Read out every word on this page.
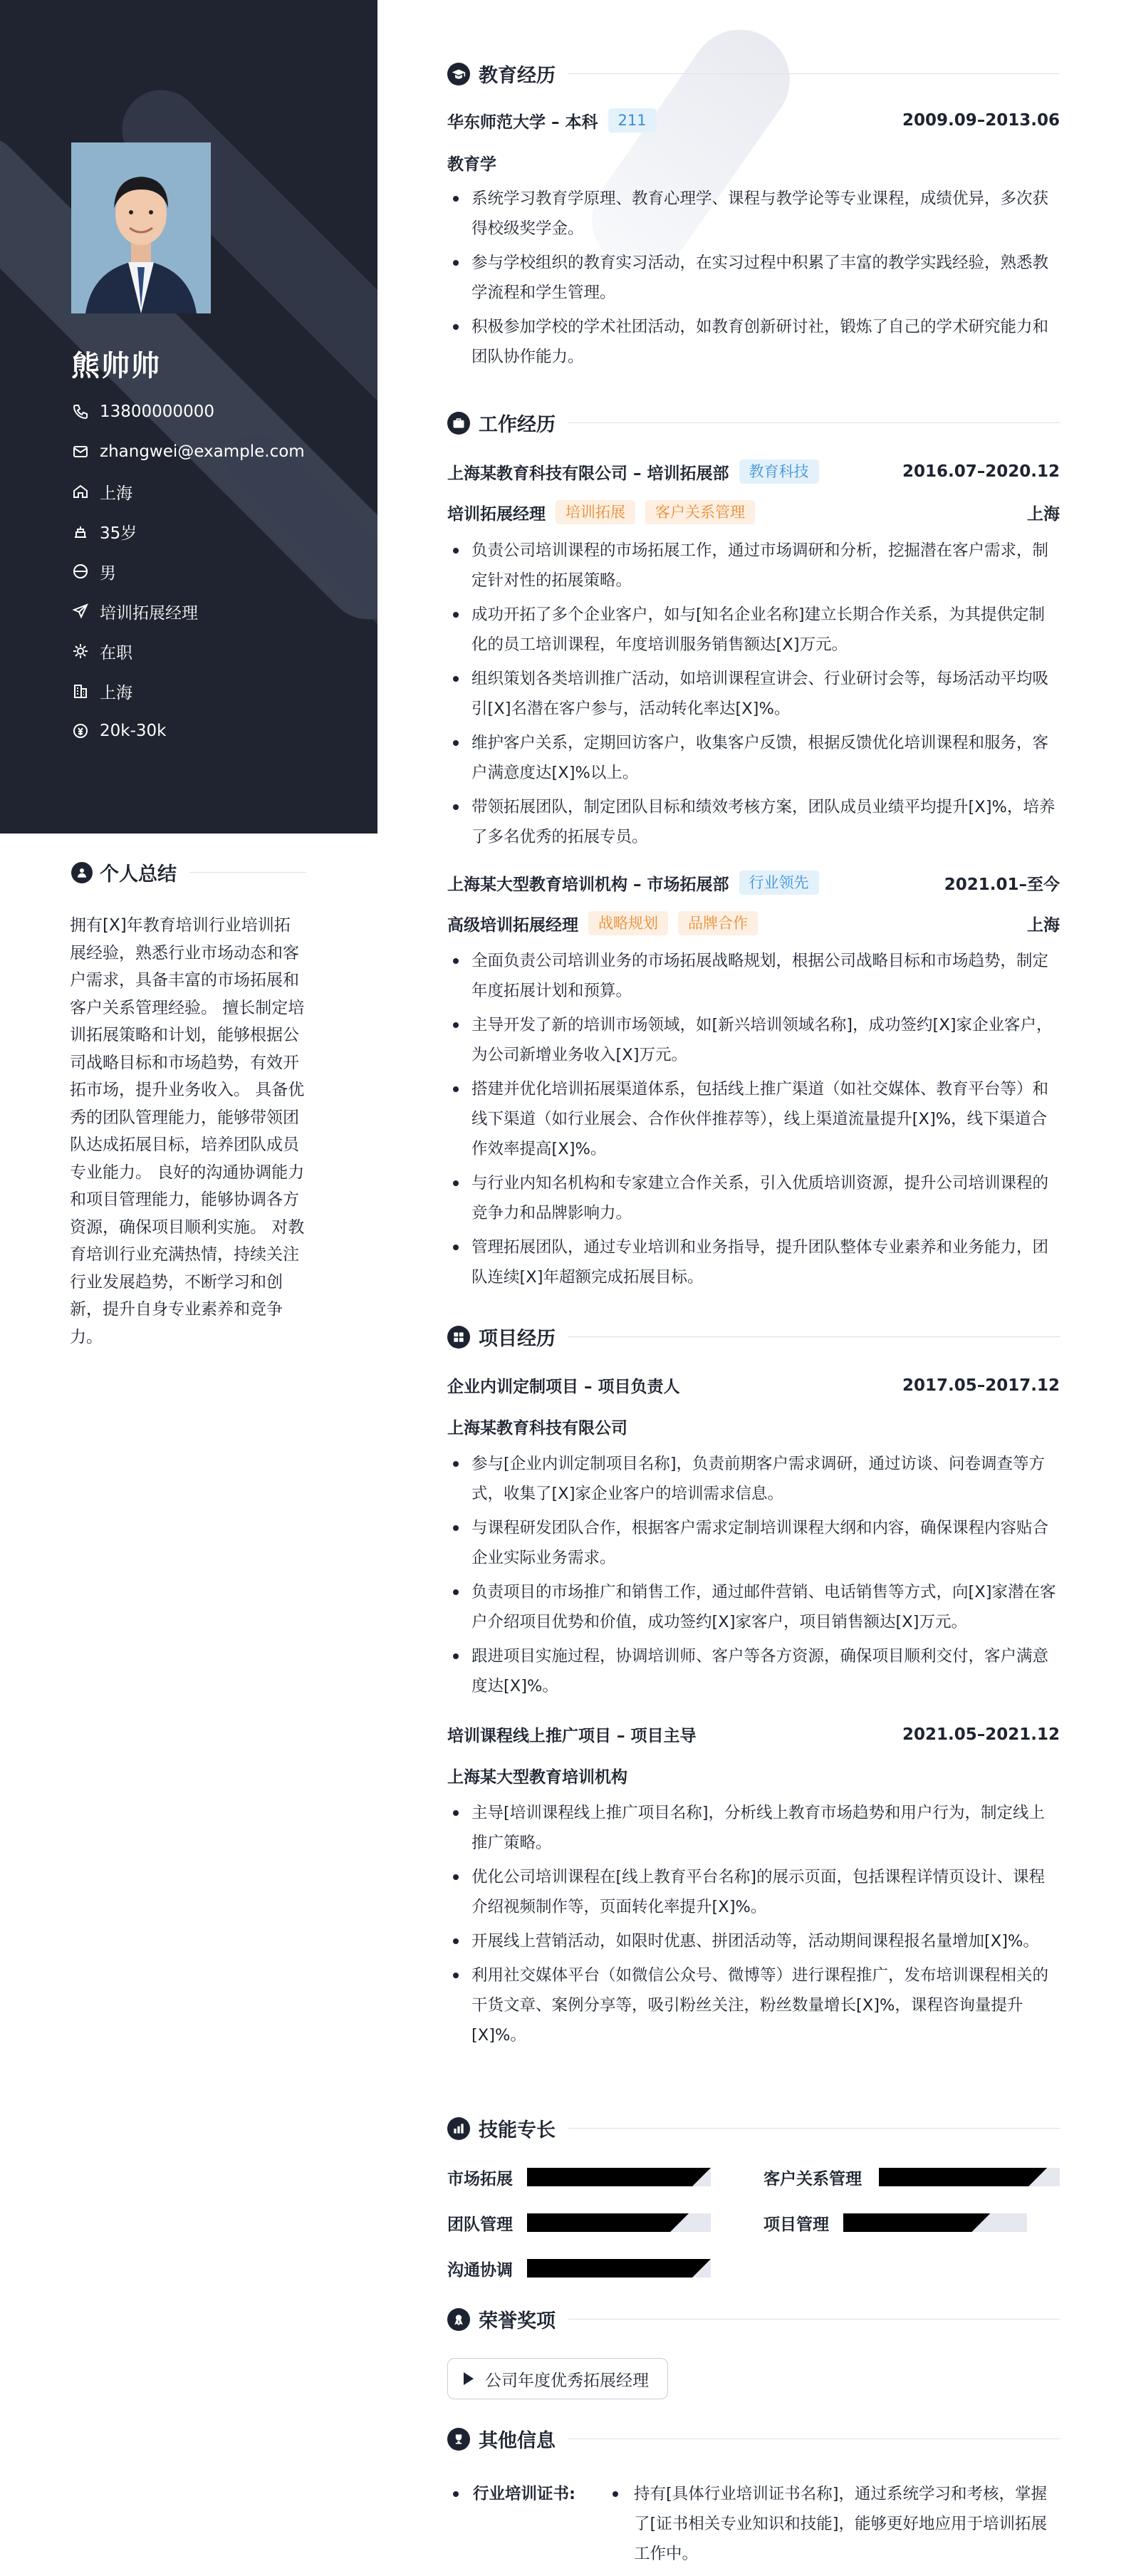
熊帅帅
13800000000
zhangwei@example.com
上海
35岁
男
培训拓展经理
在职
上海
20k-30k
个人总结
拥有[X]年教育培训行业培训拓展经验，熟悉行业市场动态和客户需求，具备丰富的市场拓展和客户关系管理经验。 擅长制定培训拓展策略和计划，能够根据公司战略目标和市场趋势，有效开拓市场，提升业务收入。 具备优秀的团队管理能力，能够带领团队达成拓展目标，培养团队成员专业能力。 良好的沟通协调能力和项目管理能力，能够协调各方资源，确保项目顺利实施。 对教育培训行业充满热情，持续关注行业发展趋势，不断学习和创新，提升自身专业素养和竞争力。
教育经历
华东师范大学 – 本科	211	2009.09–2013.06
教育学
系统学习教育学原理、教育心理学、课程与教学论等专业课程，成绩优异，多次获得校级奖学金。
参与学校组织的教育实习活动，在实习过程中积累了丰富的教学实践经验，熟悉教学流程和学生管理。
积极参加学校的学术社团活动，如教育创新研讨社，锻炼了自己的学术研究能力和团队协作能力。
工作经历
上海某教育科技有限公司 – 培训拓展部	教育科技	2016.07–2020.12
培训拓展经理	培训拓展	客户关系管理	上海
负责公司培训课程的市场拓展工作，通过市场调研和分析，挖掘潜在客户需求，制定针对性的拓展策略。
成功开拓了多个企业客户，如与[知名企业名称]建立长期合作关系，为其提供定制化的员工培训课程，年度培训服务销售额达[X]万元。
组织策划各类培训推广活动，如培训课程宣讲会、行业研讨会等，每场活动平均吸引[X]名潜在客户参与，活动转化率达[X]%。
维护客户关系，定期回访客户，收集客户反馈，根据反馈优化培训课程和服务，客户满意度达[X]%以上。
带领拓展团队，制定团队目标和绩效考核方案，团队成员业绩平均提升[X]%，培养了多名优秀的拓展专员。
上海某大型教育培训机构 – 市场拓展部	行业领先	2021.01–至今
高级培训拓展经理	战略规划	品牌合作	上海
全面负责公司培训业务的市场拓展战略规划，根据公司战略目标和市场趋势，制定年度拓展计划和预算。
主导开发了新的培训市场领域，如[新兴培训领域名称]，成功签约[X]家企业客户，为公司新增业务收入[X]万元。
搭建并优化培训拓展渠道体系，包括线上推广渠道（如社交媒体、教育平台等）和线下渠道（如行业展会、合作伙伴推荐等），线上渠道流量提升[X]%，线下渠道合作效率提高[X]%。
与行业内知名机构和专家建立合作关系，引入优质培训资源，提升公司培训课程的竞争力和品牌影响力。
管理拓展团队，通过专业培训和业务指导，提升团队整体专业素养和业务能力，团队连续[X]年超额完成拓展目标。
项目经历
企业内训定制项目 – 项目负责人	2017.05–2017.12
上海某教育科技有限公司
参与[企业内训定制项目名称]，负责前期客户需求调研，通过访谈、问卷调查等方式，收集了[X]家企业客户的培训需求信息。
与课程研发团队合作，根据客户需求定制培训课程大纲和内容，确保课程内容贴合企业实际业务需求。
负责项目的市场推广和销售工作，通过邮件营销、电话销售等方式，向[X]家潜在客户介绍项目优势和价值，成功签约[X]家客户，项目销售额达[X]万元。
跟进项目实施过程，协调培训师、客户等各方资源，确保项目顺利交付，客户满意度达[X]%。
培训课程线上推广项目 – 项目主导	2021.05–2021.12
上海某大型教育培训机构
主导[培训课程线上推广项目名称]，分析线上教育市场趋势和用户行为，制定线上推广策略。
优化公司培训课程在[线上教育平台名称]的展示页面，包括课程详情页设计、课程介绍视频制作等，页面转化率提升[X]%。
开展线上营销活动，如限时优惠、拼团活动等，活动期间课程报名量增加[X]%。
利用社交媒体平台（如微信公众号、微博等）进行课程推广，发布培训课程相关的干货文章、案例分享等，吸引粉丝关注，粉丝数量增长[X]%，课程咨询量提升[X]%。
技能专长
市场拓展	客户关系管理
团队管理	项目管理
沟通协调
荣誉奖项
公司年度优秀拓展经理
其他信息
行业培训证书:	持有[具体行业培训证书名称]，通过系统学习和考核，掌握了[证书相关专业知识和技能]，能够更好地应用于培训拓展工作中。
